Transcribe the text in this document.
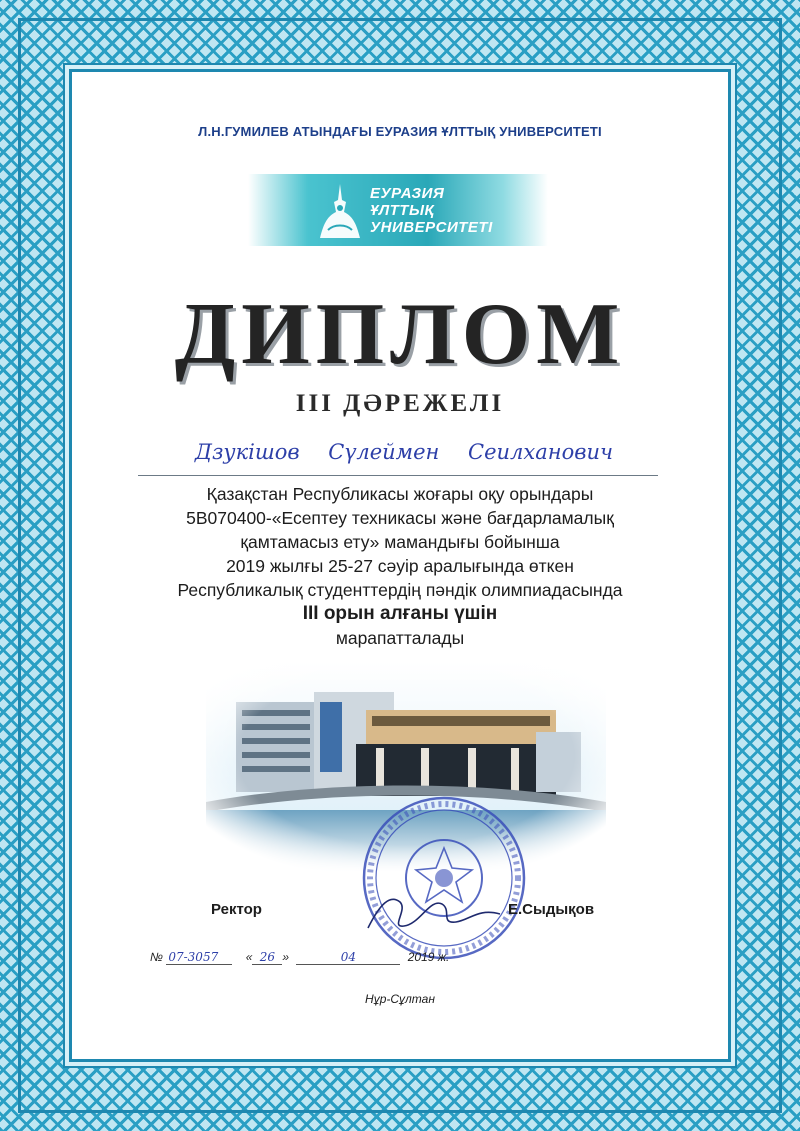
Л.Н.ГУМИЛЕВ АТЫНДАҒЫ ЕУРАЗИЯ ҰЛТТЫҚ УНИВЕРСИТЕТІ
ЕУРАЗИЯ
ҰЛТТЫҚ
УНИВЕРСИТЕТІ
ДИПЛОМ
III ДӘРЕЖЕЛІ
Дзукішов Сүлеймен Сеилханович
Қазақстан Республикасы жоғары оқу орындары
5В070400-«Есептеу техникасы және бағдарламалық
қамтамасыз ету» мамандығы бойынша
2019 жылғы 25-27 сәуір аралығында өткен
Республикалық студенттердің пәндік олимпиадасында
III орын алғаны үшін
марапатталады
Ректор	Е.Сыдықов
№ 07-3057 « 26 »	04	2019 ж.
Нұр-Сұлтан
